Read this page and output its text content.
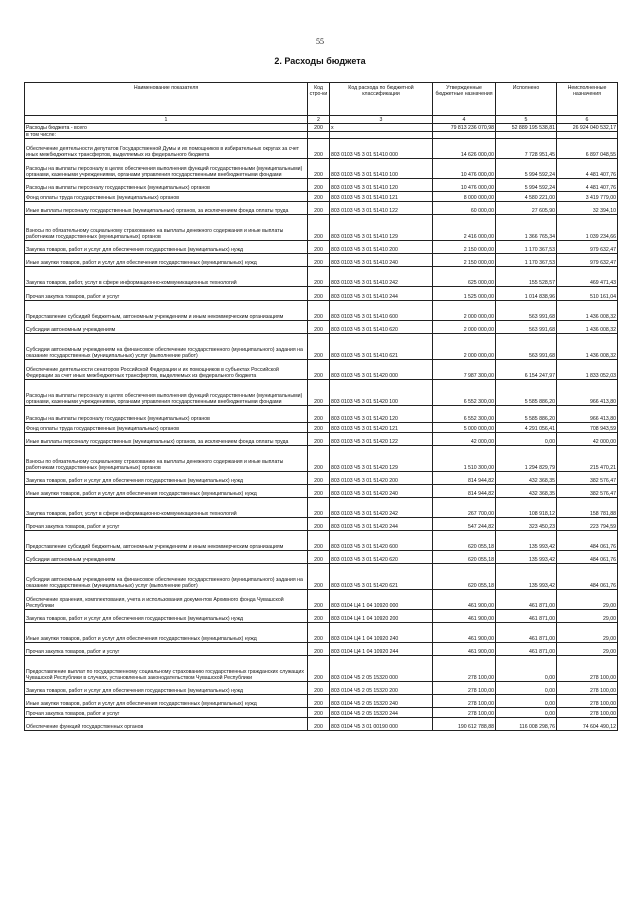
55
2. Расходы бюджета
Наименование показателя	Код стро-ки	Код расхода по бюджетной классификации	Утвержденные бюджетные назначения	Исполнено	Неисполненные назначения
1	2	3	4	5	6
Расходы бюджета - всего	200	x	79 813 236 070,98	52 889 195 538,81	26 924 040 532,17
в том числе:					
Обеспечение деятельности депутатов Государственной Думы и их помощников в избирательных округах за счет иных межбюджетных трансфертов, выделяемых из федерального бюджета	200	803 0103 Ч5 3 01 51410 000	14 626 000,00	7 728 951,45	6 897 048,55
Расходы на выплаты персоналу в целях обеспечения выполнения функций государственными (муниципальными) органами, казенными учреждениями, органами управления государственными внебюджетными фондами	200	803 0103 Ч5 3 01 51410 100	10 476 000,00	5 994 592,24	4 481 407,76
Расходы на выплаты персоналу государственных (муниципальных) органов	200	803 0103 Ч5 3 01 51410 120	10 476 000,00	5 994 592,24	4 481 407,76
Фонд оплаты труда государственных (муниципальных) органов	200	803 0103 Ч5 3 01 51410 121	8 000 000,00	4 580 221,00	3 419 779,00
Иные выплаты персоналу государственных (муниципальных) органов, за исключением фонда оплаты труда	200	803 0103 Ч5 3 01 51410 122	60 000,00	27 605,90	32 394,10
Взносы по обязательному социальному страхованию на выплаты денежного содержания и иные выплаты работникам государственных (муниципальных) органов	200	803 0103 Ч5 3 01 51410 129	2 416 000,00	1 366 765,34	1 039 234,66
Закупка товаров, работ и услуг для обеспечения государственных (муниципальных) нужд	200	803 0103 Ч5 3 01 51410 200	2 150 000,00	1 170 367,53	979 632,47
Иные закупки товаров, работ и услуг для обеспечения государственных (муниципальных) нужд	200	803 0103 Ч5 3 01 51410 240	2 150 000,00	1 170 367,53	979 632,47
Закупка товаров, работ, услуг в сфере информационно-коммуникационных технологий	200	803 0103 Ч5 3 01 51410 242	625 000,00	155 528,57	469 471,43
Прочая закупка товаров, работ и услуг	200	803 0103 Ч5 3 01 51410 244	1 525 000,00	1 014 838,96	510 161,04
Предоставление субсидий бюджетным, автономным учреждениям и иным некоммерческим организациям	200	803 0103 Ч5 3 01 51410 600	2 000 000,00	563 991,68	1 436 008,32
Субсидии автономным учреждениям	200	803 0103 Ч5 3 01 51410 620	2 000 000,00	563 991,68	1 436 008,32
Субсидии автономным учреждениям на финансовое обеспечение государственного (муниципального) задания на оказание государственных (муниципальных) услуг (выполнение работ)	200	803 0103 Ч5 3 01 51410 621	2 000 000,00	563 991,68	1 436 008,32
Обеспечение деятельности сенаторов Российской Федерации и их помощников в субъектах Российской Федерации за счет иных межбюджетных трансфертов, выделяемых из федерального бюджета	200	803 0103 Ч5 3 01 51420 000	7 987 300,00	6 154 247,97	1 833 052,03
Расходы на выплаты персоналу в целях обеспечения выполнения функций государственными (муниципальными) органами, казенными учреждениями, органами управления государственными внебюджетными фондами	200	803 0103 Ч5 3 01 51420 100	6 552 300,00	5 585 886,20	966 413,80
Расходы на выплаты персоналу государственных (муниципальных) органов	200	803 0103 Ч5 3 01 51420 120	6 552 300,00	5 585 886,20	966 413,80
Фонд оплаты труда государственных (муниципальных) органов	200	803 0103 Ч5 3 01 51420 121	5 000 000,00	4 291 056,41	708 943,59
Иные выплаты персоналу государственных (муниципальных) органов, за исключением фонда оплаты труда	200	803 0103 Ч5 3 01 51420 122	42 000,00	0,00	42 000,00
Взносы по обязательному социальному страхованию на выплаты денежного содержания и иные выплаты работникам государственных (муниципальных) органов	200	803 0103 Ч5 3 01 51420 129	1 510 300,00	1 294 829,79	215 470,21
Закупка товаров, работ и услуг для обеспечения государственных (муниципальных) нужд	200	803 0103 Ч5 3 01 51420 200	814 944,82	432 368,35	382 576,47
Иные закупки товаров, работ и услуг для обеспечения государственных (муниципальных) нужд	200	803 0103 Ч5 3 01 51420 240	814 944,82	432 368,35	382 576,47
Закупка товаров, работ, услуг в сфере информационно-коммуникационных технологий	200	803 0103 Ч5 3 01 51420 242	267 700,00	108 918,12	158 781,88
Прочая закупка товаров, работ и услуг	200	803 0103 Ч5 3 01 51420 244	547 244,82	323 450,23	223 794,59
Предоставление субсидий бюджетным, автономным учреждениям и иным некоммерческим организациям	200	803 0103 Ч5 3 01 51420 600	620 055,18	135 993,42	484 061,76
Субсидии автономным учреждениям	200	803 0103 Ч5 3 01 51420 620	620 055,18	135 993,42	484 061,76
Субсидии автономным учреждениям на финансовое обеспечение государственного (муниципального) задания на оказание государственных (муниципальных) услуг (выполнение работ)	200	803 0103 Ч5 3 01 51420 621	620 055,18	135 993,42	484 061,76
Обеспечение хранения, комплектования, учета и использования документов Архивного фонда Чувашской Республики	200	803 0104 Ц4 1 04 10920 000	461 900,00	461 871,00	29,00
Закупка товаров, работ и услуг для обеспечения государственных (муниципальных) нужд	200	803 0104 Ц4 1 04 10920 200	461 900,00	461 871,00	29,00
Иные закупки товаров, работ и услуг для обеспечения государственных (муниципальных) нужд	200	803 0104 Ц4 1 04 10920 240	461 900,00	461 871,00	29,00
Прочая закупка товаров, работ и услуг	200	803 0104 Ц4 1 04 10920 244	461 900,00	461 871,00	29,00
Предоставление выплат по государственному социальному страхованию государственных гражданских служащих Чувашской Республики в случаях, установленных законодательством Чувашской Республики	200	803 0104 Ч5 2 05 15320 000	278 100,00	0,00	278 100,00
Закупка товаров, работ и услуг для обеспечения государственных (муниципальных) нужд	200	803 0104 Ч5 2 05 15320 200	278 100,00	0,00	278 100,00
Иные закупки товаров, работ и услуг для обеспечения государственных (муниципальных) нужд	200	803 0104 Ч5 2 05 15320 240	278 100,00	0,00	278 100,00
Прочая закупка товаров, работ и услуг	200	803 0104 Ч5 2 05 15320 244	278 100,00	0,00	278 100,00
Обеспечение функций государственных органов	200	803 0104 Ч5 3 01 00190 000	190 612 788,88	116 008 298,76	74 604 490,12
